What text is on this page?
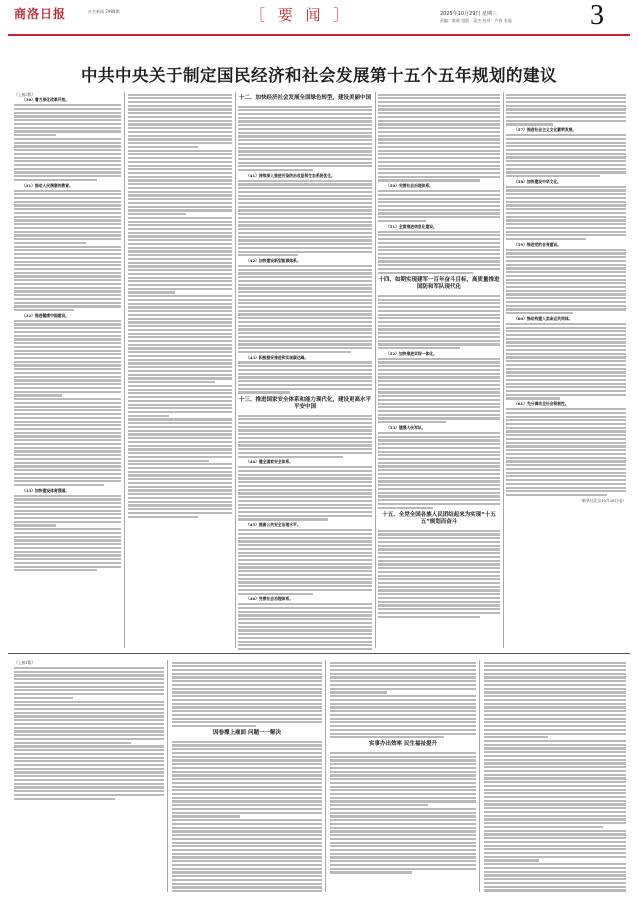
商洛日报	社会新闻 2989期	［ 要 闻 ］	2025年10月29日 星期三
责编：陈静 组版：姜杰 校对：卢春 张磊	3
中共中央关于制定国民经济和社会发展第十五个五年规划的建议

（上接2版）

（30）着力深化改革开放。

（31）推动人民满意的教育。

（32）推进健康中国建设。

（33）加快建设体育强国。

十二、加快经济社会发展全面绿色转型，建设美丽中国

（41）持续深入推进污染防治攻坚和生态系统优化。

（42）加快建设新型能源体系。

（43）积极稳妥推进和实现碳达峰。

十三、推进国家安全体系和能力现代化，建设更高水平平安中国

（44）健全国家安全体系。

（45）提高公共安全治理水平。

（46）完善社会治理体系。

（50）完善社会治理体系。

（51）全面推进信息化建设。

十四、如期实现建军一百年奋斗目标，高质量推进国防和军队现代化

（52）加快推进实现一体化。

（53）建强人民军队。

十五、全党全国各族人民团结起来为实现“十五五”规划而奋斗

（57）推进社会主义文化繁荣发展。

（58）加快建设中华文化。

（59）推进党的自身建设。

（60）推动构建人类命运共同体。

（61）充分调动全社会积极性。

（新华社北京10月28日电）

（上接1版）

因卷撑上雇面 问题一一解决

实事办出效率 民生福祉提升
